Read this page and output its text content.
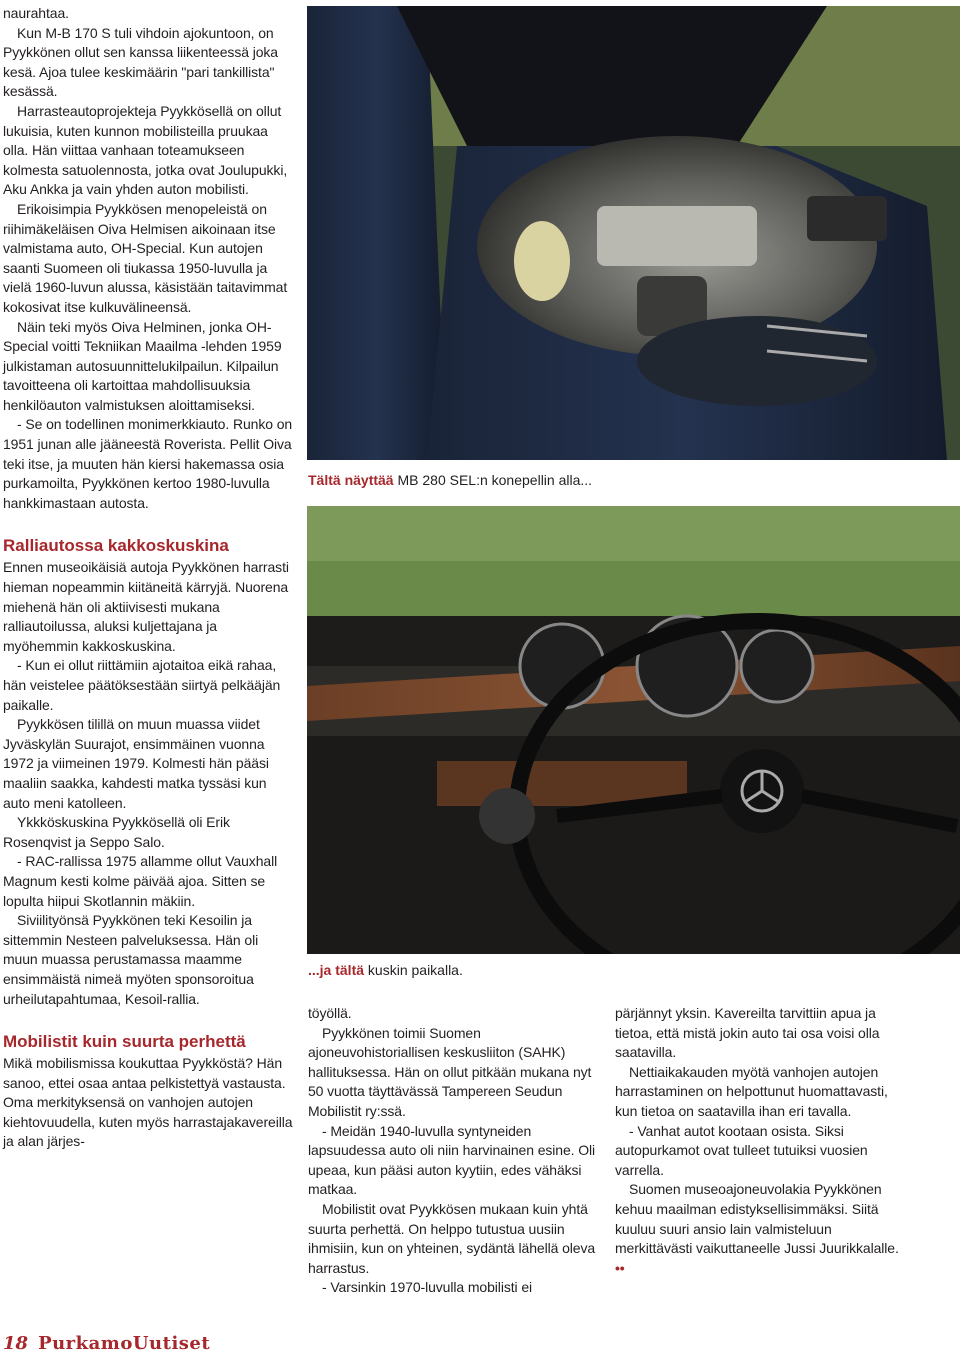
naurahtaa.

Kun M-B 170 S tuli vihdoin ajokuntoon, on Pyykkönen ollut sen kanssa liikenteessä joka kesä. Ajoa tulee keskimäärin "pari tankillista" kesässä.

Harrasteautoprojekteja Pyykkösellä on ollut lukuisia, kuten kunnon mobilisteilla pruukaa olla. Hän viittaa vanhaan toteamukseen kolmesta satuolennosta, jotka ovat Joulupukki, Aku Ankka ja vain yhden auton mobilisti.

Erikoisimpia Pyykkösen menopeleistä on riihimäkeläisen Oiva Helmisen aikoinaan itse valmistama auto, OH-Special. Kun autojen saanti Suomeen oli tiukassa 1950-luvulla ja vielä 1960-luvun alussa, käsistään taitavimmat kokosivat itse kulkuvälineensä.

Näin teki myös Oiva Helminen, jonka OH-Special voitti Tekniikan Maailma -lehden 1959 julkistaman autosuunnittelukilpailun. Kilpailun tavoitteena oli kartoittaa mahdollisuuksia henkilöauton valmistuksen aloittamiseksi.

- Se on todellinen monimerkkiauto. Runko on 1951 junan alle jääneestä Roverista. Pellit Oiva teki itse, ja muuten hän kiersi hakemassa osia purkamoilta, Pyykkönen kertoo 1980-luvulla hankkimastaan autosta.

Ralliautossa kakkoskuskina

Ennen museoikäisiä autoja Pyykkönen harrasti hieman nopeammin kiitäneitä kärryjä. Nuorena miehenä hän oli aktiivisesti mukana ralliautoilussa, aluksi kuljettajana ja myöhemmin kakkoskuskina.

- Kun ei ollut riittämiin ajotaitoa eikä rahaa, hän veistelee päätöksestään siirtyä pelkääjän paikalle.

Pyykkösen tilillä on muun muassa viidet Jyväskylän Suurajot, ensimmäinen vuonna 1972 ja viimeinen 1979. Kolmesti hän pääsi maaliin saakka, kahdesti matka tyssäsi kun auto meni katolleen.

Ykkköskuskina Pyykkösellä oli Erik Rosenqvist ja Seppo Salo.

- RAC-rallissa 1975 allamme ollut Vauxhall Magnum kesti kolme päivää ajoa. Sitten se lopulta hiipui Skotlannin mäkiin.

Siviilityönsä Pyykkönen teki Kesoilin ja sittemmin Nesteen palveluksessa. Hän oli muun muassa perustamassa maamme ensimmäistä nimeä myöten sponsoroitua urheilutapahtumaa, Kesoil-rallia.

Mobilistit kuin suurta perhettä

Mikä mobilismissa koukuttaa Pyykköstä? Hän sanoo, ettei osaa antaa pelkistettyä vastausta. Oma merkityksensä on vanhojen autojen kiehtovuudella, kuten myös harrastajakavereilla ja alan järjes-

Tältä näyttää MB 280 SEL:n konepellin alla...
...ja tältä kuskin paikalla.

töyöllä.

Pyykkönen toimii Suomen ajoneuvohistoriallisen keskusliiton (SAHK) hallituksessa. Hän on ollut pitkään mukana nyt 50 vuotta täyttävässä Tampereen Seudun Mobilistit ry:ssä.

- Meidän 1940-luvulla syntyneiden lapsuudessa auto oli niin harvinainen esine. Oli upeaa, kun pääsi auton kyytiin, edes vähäksi matkaa.

Mobilistit ovat Pyykkösen mukaan kuin yhtä suurta perhettä. On helppo tutustua uusiin ihmisiin, kun on yhteinen, sydäntä lähellä oleva harrastus.

- Varsinkin 1970-luvulla mobilisti ei

pärjännyt yksin. Kavereilta tarvittiin apua ja tietoa, että mistä jokin auto tai osa voisi olla saatavilla.

Nettiaikakauden myötä vanhojen autojen harrastaminen on helpottunut huomattavasti, kun tietoa on saatavilla ihan eri tavalla.

- Vanhat autot kootaan osista. Siksi autopurkamot ovat tulleet tutuiksi vuosien varrella.

Suomen museoajoneuvolakia Pyykkönen kehuu maailman edistyksellisimmäksi. Siitä kuuluu suuri ansio lain valmisteluun merkittävästi vaikuttaneelle Jussi Juurikkalalle. ••

18 PurkamoUutiset
